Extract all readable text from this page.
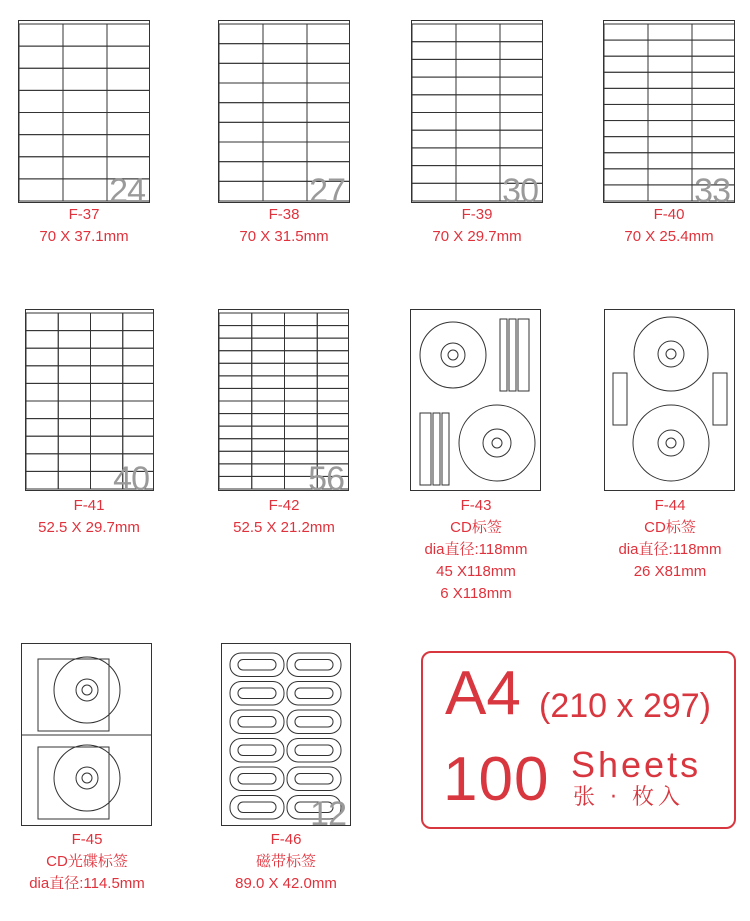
24
F-37
70 X 37.1mm
27
F-38
70 X 31.5mm
30
F-39
70 X 29.7mm
33
F-40
70 X 25.4mm
40
F-41
52.5 X 29.7mm
56
F-42
52.5 X 21.2mm
F-43
CD标签
dia直径:118mm
45 X118mm
6 X118mm
F-44
CD标签
dia直径:118mm
26 X81mm
F-45
CD光碟标签
dia直径:114.5mm
12
F-46
磁带标签
89.0 X 42.0mm
A4 (210 x 297)
100 Sheets
张 · 枚入
